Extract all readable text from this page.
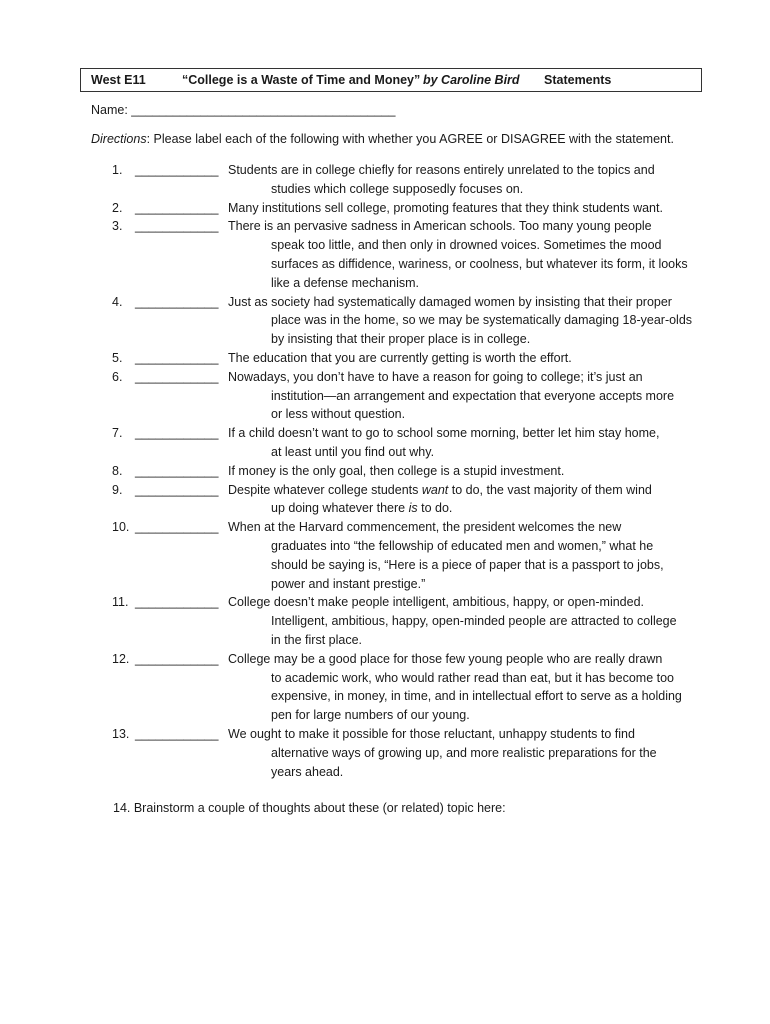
West E11	“College is a Waste of Time and Money” by Caroline Bird Statements
Name: ______________________________________
Directions: Please label each of the following with whether you AGREE or DISAGREE with the statement.
1.	____________ Students are in college chiefly for reasons entirely unrelated to the topics and
studies which college supposedly focuses on.
2.	____________ Many institutions sell college, promoting features that they think students want.
3.	____________ There is an pervasive sadness in American schools. Too many young people
speak too little, and then only in drowned voices. Sometimes the mood
surfaces as diffidence, wariness, or coolness, but whatever its form, it looks
like a defense mechanism.
4.	____________ Just as society had systematically damaged women by insisting that their proper
place was in the home, so we may be systematically damaging 18-year-olds
by insisting that their proper place is in college.
5.	____________ The education that you are currently getting is worth the effort.
6.	____________ Nowadays, you don’t have to have a reason for going to college; it’s just an
institution—an arrangement and expectation that everyone accepts more
or less without question.
7.	____________ If a child doesn’t want to go to school some morning, better let him stay home,
at least until you find out why.
8.	____________ If money is the only goal, then college is a stupid investment.
9.	____________ Despite whatever college students want to do, the vast majority of them wind
up doing whatever there is to do.
10. ____________ When at the Harvard commencement, the president welcomes the new
graduates into “the fellowship of educated men and women,” what he
should be saying is, “Here is a piece of paper that is a passport to jobs,
power and instant prestige.”
11. ____________ College doesn’t make people intelligent, ambitious, happy, or open-minded.
Intelligent, ambitious, happy, open-minded people are attracted to college
in the first place.
12. ____________ College may be a good place for those few young people who are really drawn
to academic work, who would rather read than eat, but it has become too
expensive, in money, in time, and in intellectual effort to serve as a holding
pen for large numbers of our young.
13. ____________ We ought to make it possible for those reluctant, unhappy students to find
alternative ways of growing up, and more realistic preparations for the
years ahead.
14. Brainstorm a couple of thoughts about these (or related) topic here:
